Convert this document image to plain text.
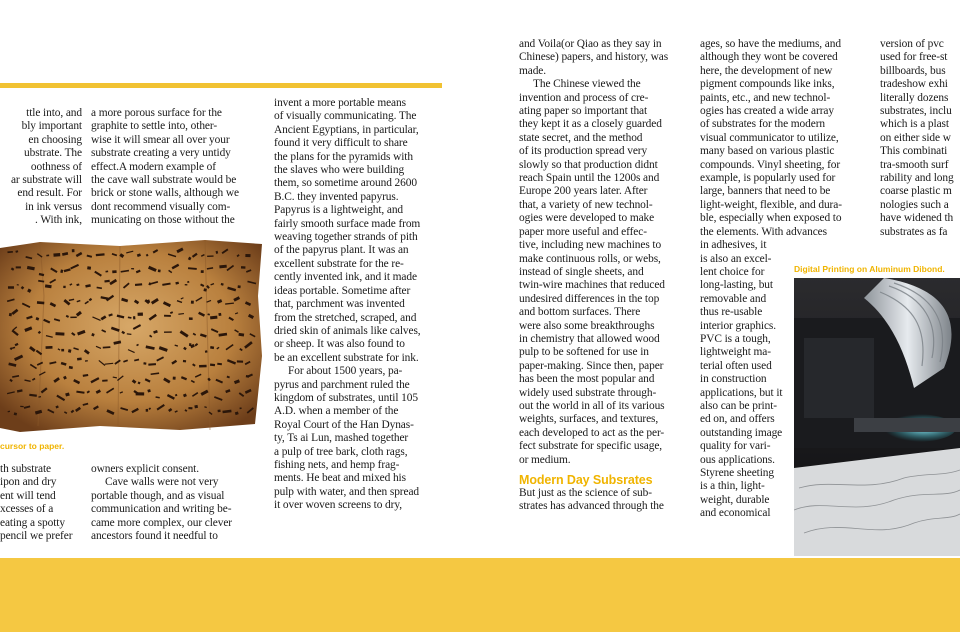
ttle into, and

bly important

en choosing

ubstrate. The

oothness of

ar substrate will

end result. For

in ink versus

. With ink,

cursor to paper.

th substrate

ipon and dry

ent will tend

xcesses of a

eating a spotty

pencil we prefer

a more porous surface for the

graphite to settle into, other-

wise it will smear all over your

substrate creating a very untidy

effect.A modern example of

the cave wall substrate would be

brick or stone walls, although we

dont recommend visually com-

municating on those without the

owners explicit consent.

Cave walls were not very

portable though, and as visual

communication and writing be-

came more complex, our clever

ancestors found it needful to

invent a more portable means

of visually communicating. The

Ancient Egyptians, in particular,

found it very difficult to share

the plans for the pyramids with

the slaves who were building

them, so sometime around 2600

B.C. they invented papyrus.

Papyrus is a lightweight, and

fairly smooth surface made from

weaving together strands of pith

of the papyrus plant. It was an

excellent substrate for the re-

cently invented ink, and it made

ideas portable. Sometime after

that, parchment was invented

from the stretched, scraped, and

dried skin of animals like calves,

or sheep. It was also found to

be an excellent substrate for ink.

For about 1500 years, pa-

pyrus and parchment ruled the

kingdom of substrates, until 105

A.D. when a member of the

Royal Court of the Han Dynas-

ty, Ts ai Lun, mashed together

a pulp of tree bark, cloth rags,

fishing nets, and hemp frag-

ments. He beat and mixed his

pulp with water, and then spread

it over woven screens to dry,

and Voila(or Qiao as they say in

Chinese) papers, and history, was

made.

The Chinese viewed the

invention and process of cre-

ating paper so important that

they kept it as a closely guarded

state secret, and the method

of its production spread very

slowly so that production didnt

reach Spain until the 1200s and

Europe 200 years later. After

that, a variety of new technol-

ogies were developed to make

paper more useful and effec-

tive, including new machines to

make continuous rolls, or webs,

instead of single sheets, and

twin-wire machines that reduced

undesired differences in the top

and bottom surfaces. There

were also some breakthroughs

in chemistry that allowed wood

pulp to be softened for use in

paper-making. Since then, paper

has been the most popular and

widely used substrate through-

out the world in all of its various

weights, surfaces, and textures,

each developed to act as the per-

fect substrate for specific usage,

or medium.

Modern Day Subsrates

But just as the science of sub-

strates has advanced through the

ages, so have the mediums, and

although they wont be covered

here, the development of new

pigment compounds like inks,

paints, etc., and new technol-

ogies has created a wide array

of substrates for the modern

visual communicator to utilize,

many based on various plastic

compounds. Vinyl sheeting, for

example, is popularly used for

large, banners that need to be

light-weight, flexible, and dura-

ble, especially when exposed to

the elements. With advances

in adhesives, it

is also an excel-

lent choice for

long-lasting, but

removable and

thus re-usable

interior graphics.

PVC is a tough,

lightweight ma-

terial often used

in construction

applications, but it

also can be print-

ed on, and offers

outstanding image

quality for vari-

ous applications.

Styrene sheeting

is a thin, light-

weight, durable

and economical

version of pvc

used for free-st

billboards, bus

tradeshow exhi

literally dozens

substrates, inclu

which is a plast

on either side w

This combinati

tra-smooth surf

rability and long

coarse plastic m

nologies such a

have widened th

substrates as fa

Digital Printing on Aluminum Dibond.
